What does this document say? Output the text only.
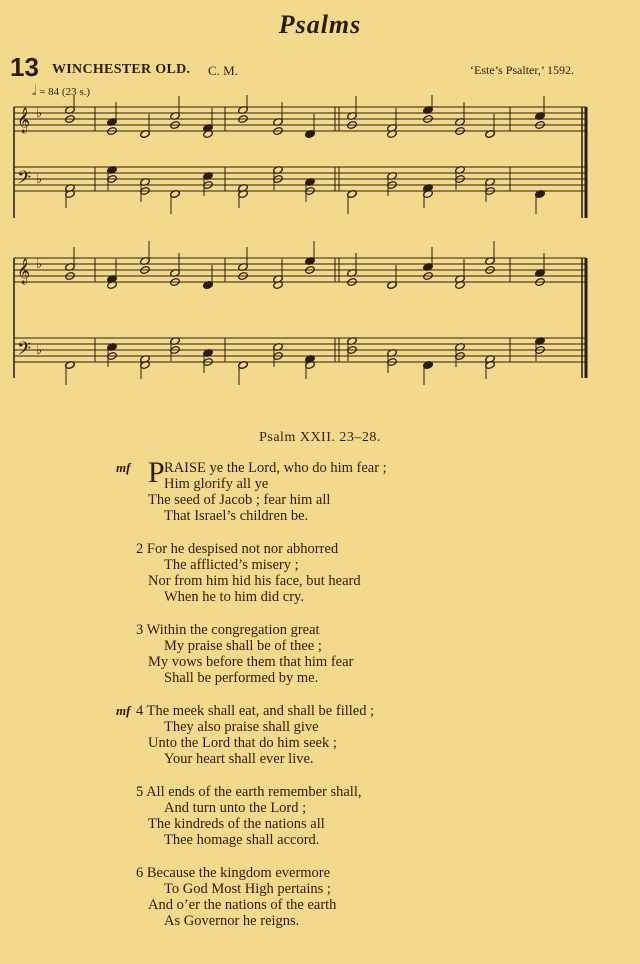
Psalms
13 WINCHESTER OLD. C. M.	‘Este’s Psalter,’ 1592.
𝅗𝅥 = 84 (23 s.)
𝄞 ♭
𝄢 ♭
𝄞 ♭
𝄢 ♭
Psalm XXII. 23–28.
mf P RAISE ye the Lord, who do him fear ;
Him glorify all ye
The seed of Jacob ; fear him all
That Israel’s children be.
2 For he despised not nor abhorred
The afflicted’s misery ;
Nor from him hid his face, but heard
When he to him did cry.
3 Within the congregation great
My praise shall be of thee ;
My vows before them that him fear
Shall be performed by me.
mf 4 The meek shall eat, and shall be filled ;
They also praise shall give
Unto the Lord that do him seek ;
Your heart shall ever live.
5 All ends of the earth remember shall,
And turn unto the Lord ;
The kindreds of the nations all
Thee homage shall accord.
6 Because the kingdom evermore
To God Most High pertains ;
And o’er the nations of the earth
As Governor he reigns.
